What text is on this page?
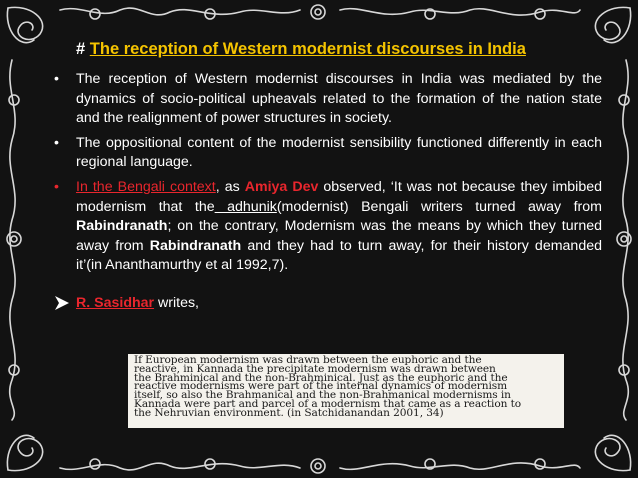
# The reception of Western modernist discourses in India
• The reception of Western modernist discourses in India was mediated by the dynamics of socio-political upheavals related to the formation of the nation state and the realignment of power structures in society.
• The oppositional content of the modernist sensibility functioned differently in each regional language.
• In the Bengali context, as Amiya Dev observed, ‘It was not because they imbibed modernism that the adhunik(modernist) Bengali writers turned away from Rabindranath; on the contrary, Modernism was the means by which they turned away from Rabindranath and they had to turn away, for their history demanded it’(in Ananthamurthy et al 1992,7).
R. Sasidhar writes,

If European modernism was drawn between the euphoric and the
reactive, in Kannada the precipitate modernism was drawn between
the Brahminical and the non-Brahminical. Just as the euphoric and the
reactive modernisms were part of the internal dynamics of modernism
itself, so also the Brahmanical and the non-Brahmanical modernisms in
Kannada were part and parcel of a modernism that came as a reaction to
the Nehruvian environment. (in Satchidanandan 2001, 34)
